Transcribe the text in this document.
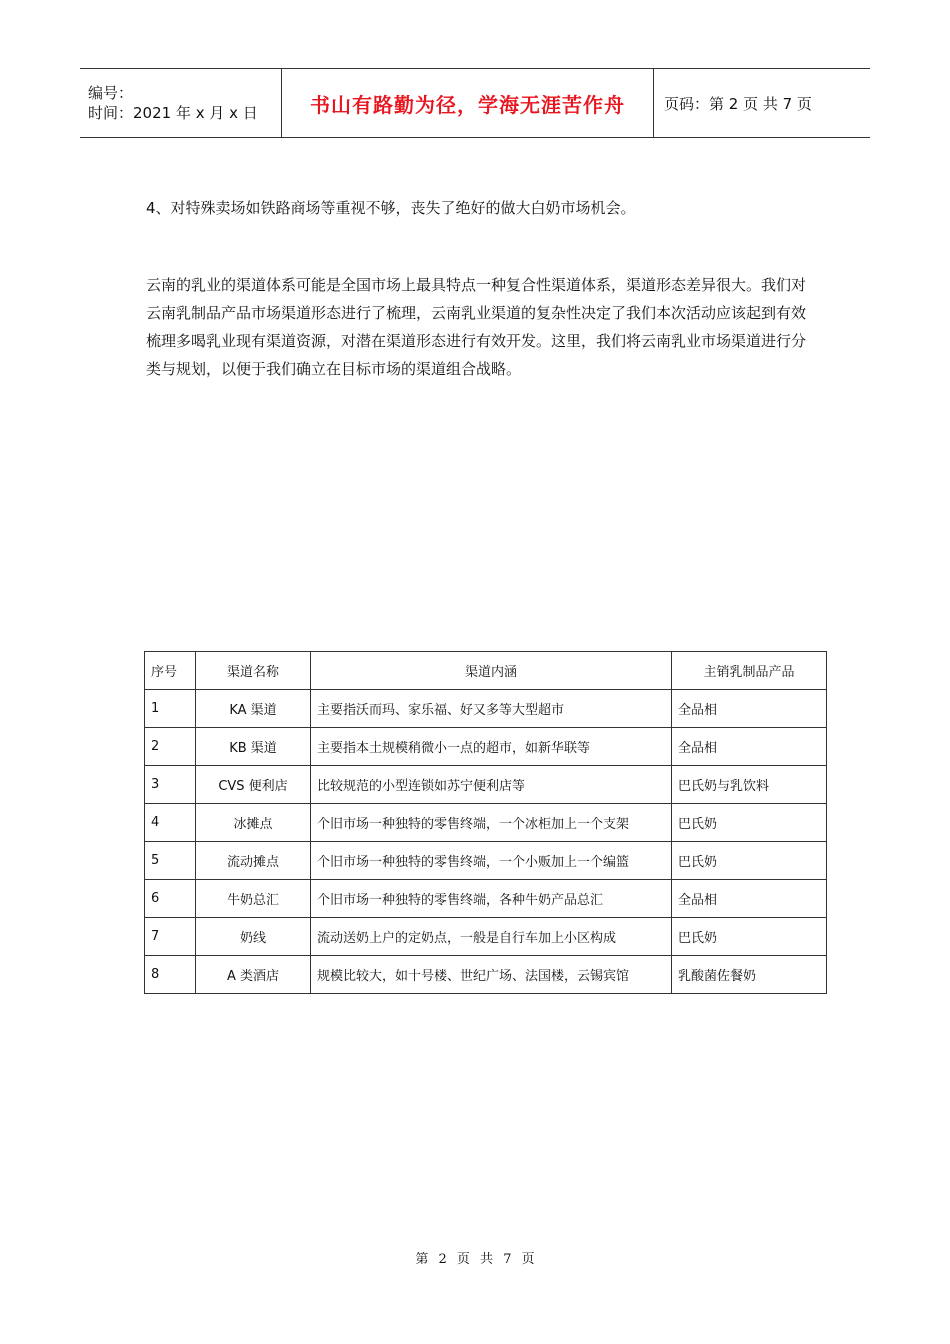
编号：
时间：2021 年 x 月 x 日	书山有路勤为径，学海无涯苦作舟	页码：第 2 页 共 7 页
4、对特殊卖场如铁路商场等重视不够，丧失了绝好的做大白奶市场机会。
云南的乳业的渠道体系可能是全国市场上最具特点一种复合性渠道体系，渠道形态差异很大。我们对云南乳制品产品市场渠道形态进行了梳理，云南乳业渠道的复杂性决定了我们本次活动应该起到有效梳理多喝乳业现有渠道资源，对潜在渠道形态进行有效开发。这里，我们将云南乳业市场渠道进行分类与规划，以便于我们确立在目标市场的渠道组合战略。
序号	渠道名称	渠道内涵	主销乳制品产品
1	KA 渠道	主要指沃而玛、家乐福、好又多等大型超市	全品相
2	KB 渠道	主要指本土规模稍微小一点的超市，如新华联等	全品相
3	CVS 便利店	比较规范的小型连锁如苏宁便利店等	巴氏奶与乳饮料
4	冰摊点	个旧市场一种独特的零售终端，一个冰柜加上一个支架	巴氏奶
5	流动摊点	个旧市场一种独特的零售终端，一个小贩加上一个编篮	巴氏奶
6	牛奶总汇	个旧市场一种独特的零售终端，各种牛奶产品总汇	全品相
7	奶线	流动送奶上户的定奶点，一般是自行车加上小区构成	巴氏奶
8	A 类酒店	规模比较大，如十号楼、世纪广场、法国楼，云锡宾馆	乳酸菌佐餐奶
第 2 页 共 7 页
